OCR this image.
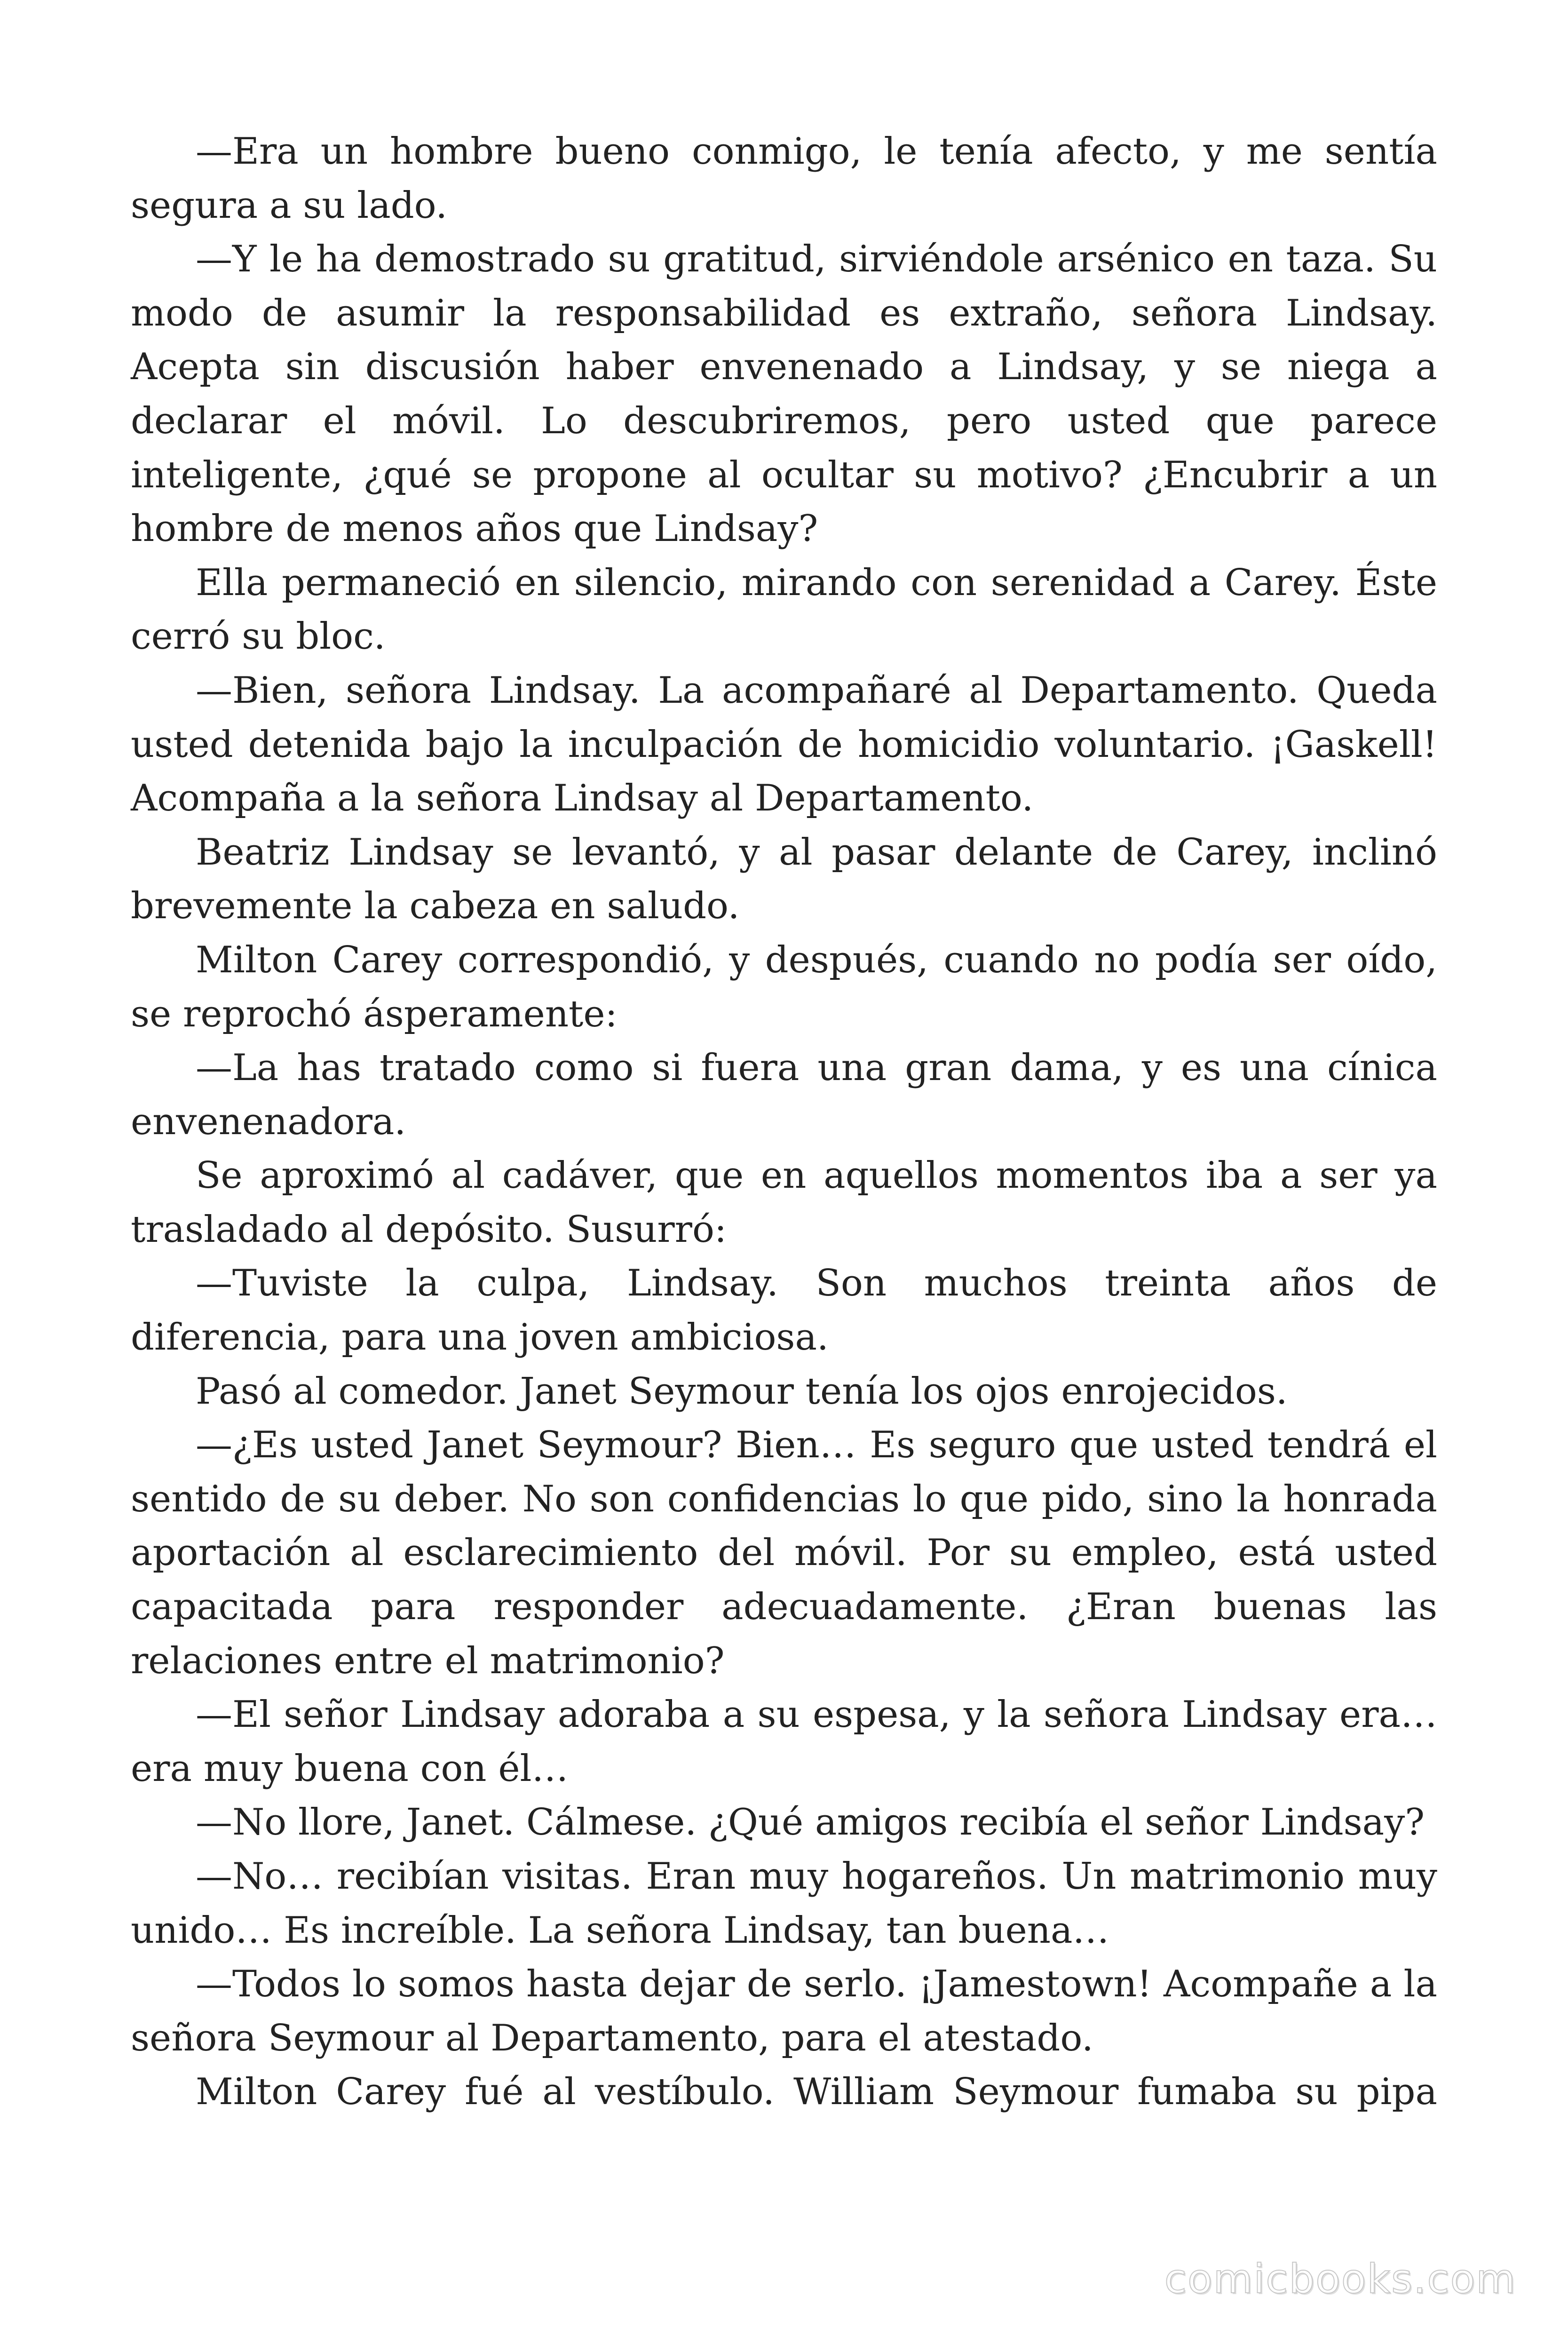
—Era un hombre bueno conmigo, le tenía afecto, y me sentía segura a su lado.

—Y le ha demostrado su gratitud, sirviéndole arsénico en taza. Su modo de asumir la responsabilidad es extraño, señora Lindsay. Acepta sin discusión haber envenenado a Lindsay, y se niega a declarar el móvil. Lo descubriremos, pero usted que parece inteligente, ¿qué se propone al ocultar su motivo? ¿Encubrir a un hombre de menos años que Lindsay?

Ella permaneció en silencio, mirando con serenidad a Carey. Éste cerró su bloc.

—Bien, señora Lindsay. La acompañaré al Departamento. Queda usted detenida bajo la inculpación de homicidio voluntario. ¡Gaskell! Acompaña a la señora Lindsay al Departamento.

Beatriz Lindsay se levantó, y al pasar delante de Carey, inclinó brevemente la cabeza en saludo.

Milton Carey correspondió, y después, cuando no podía ser oído, se reprochó ásperamente:

—La has tratado como si fuera una gran dama, y es una cínica envenenadora.

Se aproximó al cadáver, que en aquellos momentos iba a ser ya trasladado al depósito. Susurró:

—Tuviste la culpa, Lindsay. Son muchos treinta años de diferencia, para una joven ambiciosa.

Pasó al comedor. Janet Seymour tenía los ojos enrojecidos.

—¿Es usted Janet Seymour? Bien… Es seguro que usted tendrá el sentido de su deber. No son confidencias lo que pido, sino la honrada aportación al esclarecimiento del móvil. Por su empleo, está usted capacitada para responder adecuadamente. ¿Eran buenas las relaciones entre el matrimonio?

—El señor Lindsay adoraba a su espesa, y la señora Lindsay era… era muy buena con él…

—No llore, Janet. Cálmese. ¿Qué amigos recibía el señor Lindsay?

—No… recibían visitas. Eran muy hogareños. Un matrimonio muy unido… Es increíble. La señora Lindsay, tan buena…

—Todos lo somos hasta dejar de serlo. ¡Jamestown! Acompañe a la señora Seymour al Departamento, para el atestado.

Milton Carey fué al vestíbulo. William Seymour fumaba su pipa

comicbooks.com
